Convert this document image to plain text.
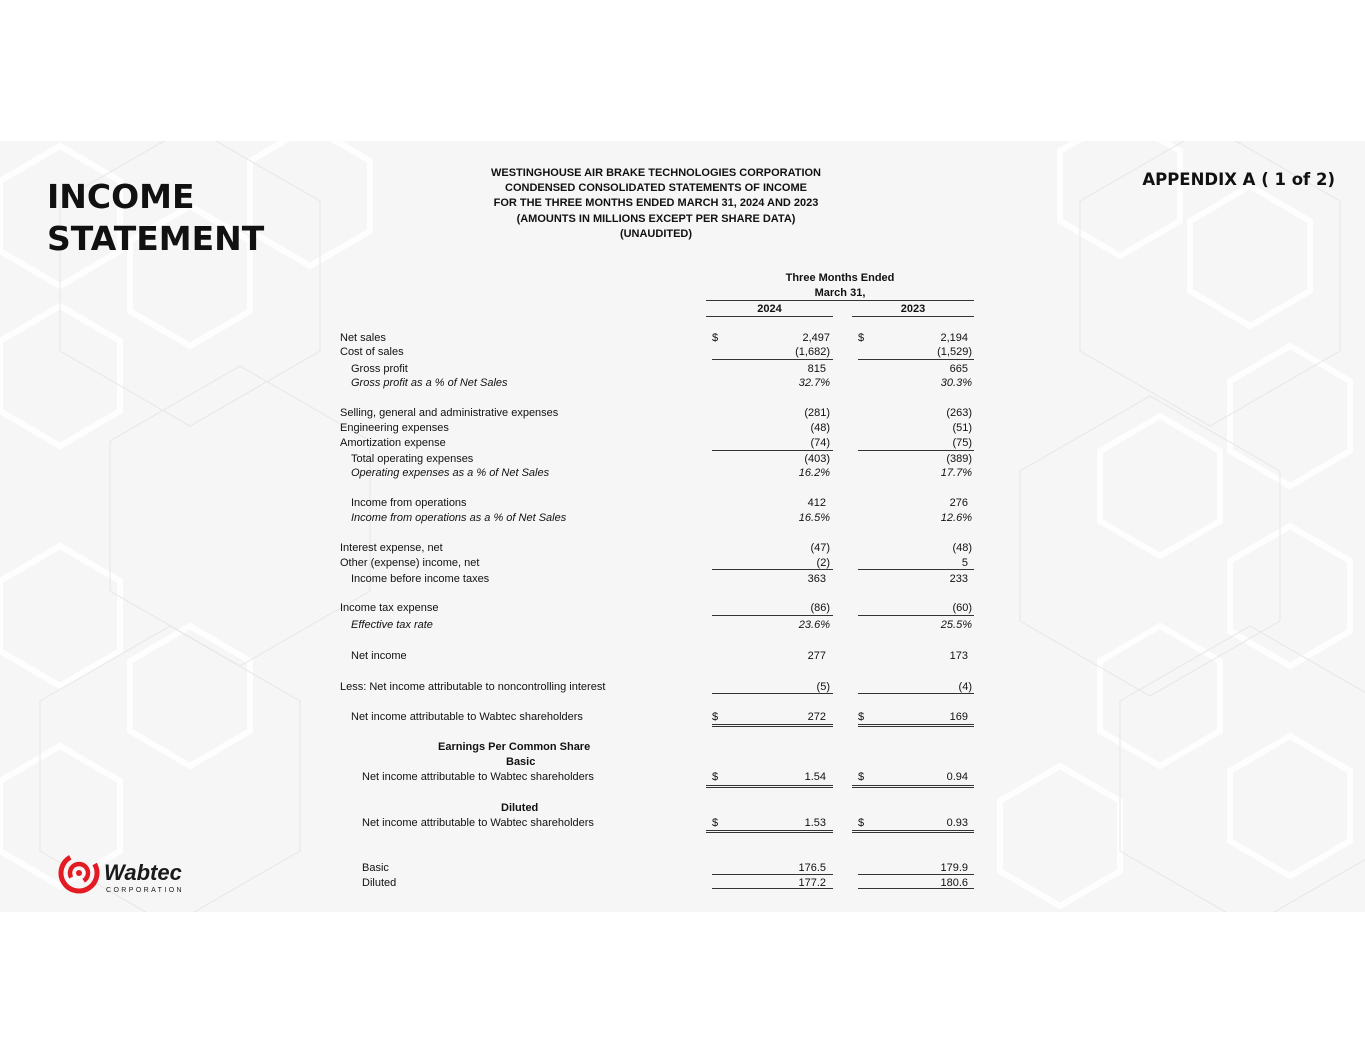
INCOME
STATEMENT
APPENDIX A ( 1 of 2)
WESTINGHOUSE AIR BRAKE TECHNOLOGIES CORPORATION
CONDENSED CONSOLIDATED STATEMENTS OF INCOME
FOR THE THREE MONTHS ENDED MARCH 31, 2024 AND 2023
(AMOUNTS IN MILLIONS EXCEPT PER SHARE DATA)
(UNAUDITED)
Three Months Ended
March 31,
2024	2023
Net sales	$	2,497	$	2,194
Cost of sales	(1,682)	(1,529)
Gross profit	815	665
Gross profit as a % of Net Sales	32.7%	30.3%
Selling, general and administrative expenses	(281)	(263)
Engineering expenses	(48)	(51)
Amortization expense	(74)	(75)
Total operating expenses	(403)	(389)
Operating expenses as a % of Net Sales	16.2%	17.7%
Income from operations	412	276
Income from operations as a % of Net Sales	16.5%	12.6%
Interest expense, net	(47)	(48)
Other (expense) income, net	(2)	5
Income before income taxes	363	233
Income tax expense	(86)	(60)
Effective tax rate	23.6%	25.5%
Net income	277	173
Less: Net income attributable to noncontrolling interest	(5)	(4)
Net income attributable to Wabtec shareholders	$	272	$	169
Earnings Per Common Share
Basic
Net income attributable to Wabtec shareholders	$	1.54	$	0.94
Diluted
Net income attributable to Wabtec shareholders	$	1.53	$	0.93
Basic	176.5	179.9
Diluted	177.2	180.6
Wabtec
CORPORATION
